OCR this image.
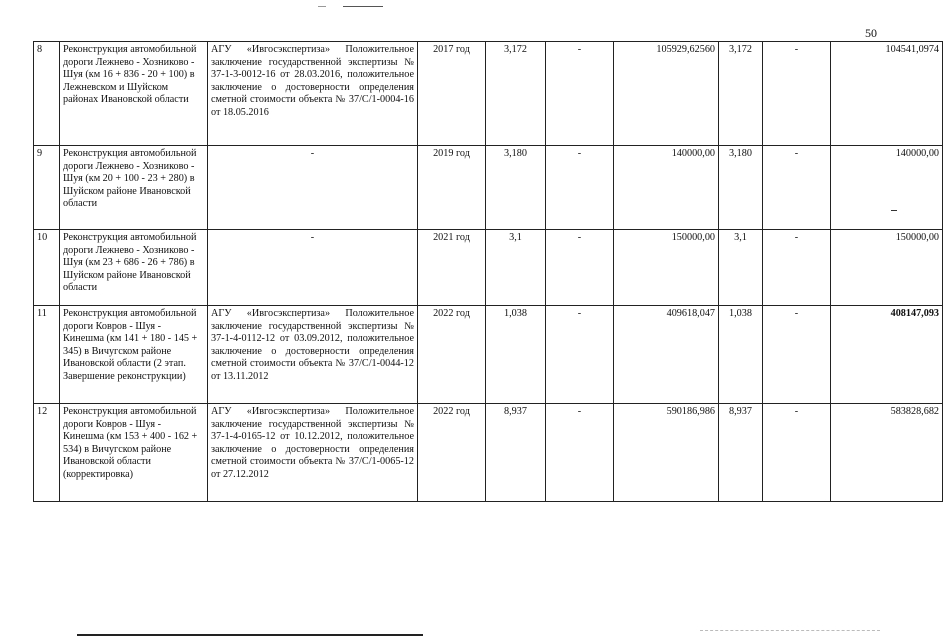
50
8	Реконструкция автомобильной дороги Лежнево - Хозниково - Шуя (км 16 + 836 - 20 + 100) в Лежневском и Шуйском районах Ивановской области	АГУ «Ивгосэкспертиза» Положительное заключение государственной экспертизы № 37-1-3-0012-16 от 28.03.2016, положительное заключение о достоверности определения сметной стоимости объекта № 37/С/1-0004-16 от 18.05.2016	2017 год	3,172	-	105929,62560	3,172	-	104541,0974
9	Реконструкция автомобильной дороги Лежнево - Хозниково - Шуя (км 20 + 100 - 23 + 280) в Шуйском районе Ивановской области	-	2019 год	3,180	-	140000,00	3,180	-	140000,00
10	Реконструкция автомобильной дороги Лежнево - Хозниково - Шуя (км 23 + 686 - 26 + 786) в Шуйском районе Ивановской области	-	2021 год	3,1	-	150000,00	3,1	-	150000,00
11	Реконструкция автомобильной дороги Ковров - Шуя - Кинешма (км 141 + 180 - 145 + 345) в Вичугском районе Ивановской области (2 этап. Завершение реконструкции)	АГУ «Ивгосэкспертиза» Положительное заключение государственной экспертизы № 37-1-4-0112-12 от 03.09.2012, положительное заключение о достоверности определения сметной стоимости объекта № 37/С/1-0044-12 от 13.11.2012	2022 год	1,038	-	409618,047	1,038	-	408147,093
12	Реконструкция автомобильной дороги Ковров - Шуя - Кинешма (км 153 + 400 - 162 + 534) в Вичугском районе Ивановской области (корректировка)	АГУ «Ивгосэкспертиза» Положительное заключение государственной экспертизы № 37-1-4-0165-12 от 10.12.2012, положительное заключение о достоверности определения сметной стоимости объекта № 37/С/1-0065-12 от 27.12.2012	2022 год	8,937	-	590186,986	8,937	-	583828,682
